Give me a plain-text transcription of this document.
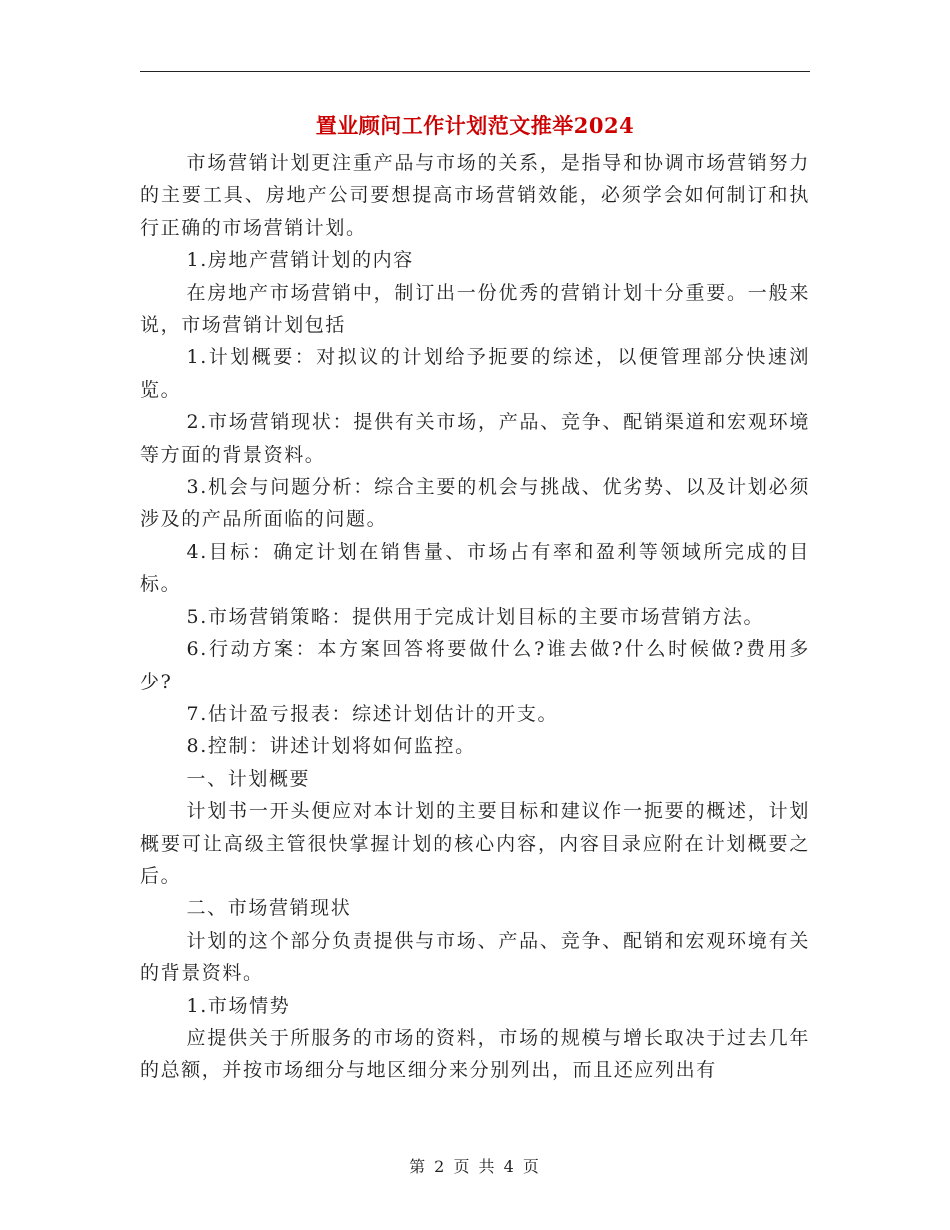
置业顾问工作计划范文推举2024

市场营销计划更注重产品与市场的关系，是指导和协调市场营销努力的主要工具、房地产公司要想提高市场营销效能，必须学会如何制订和执行正确的市场营销计划。

1.房地产营销计划的内容

在房地产市场营销中，制订出一份优秀的营销计划十分重要。一般来说，市场营销计划包括

1.计划概要：对拟议的计划给予扼要的综述，以便管理部分快速浏览。

2.市场营销现状：提供有关市场，产品、竞争、配销渠道和宏观环境等方面的背景资料。

3.机会与问题分析：综合主要的机会与挑战、优劣势、以及计划必须涉及的产品所面临的问题。

4.目标：确定计划在销售量、市场占有率和盈利等领域所完成的目标。

5.市场营销策略：提供用于完成计划目标的主要市场营销方法。

6.行动方案：本方案回答将要做什么?谁去做?什么时候做?费用多少?

7.估计盈亏报表：综述计划估计的开支。

8.控制：讲述计划将如何监控。

一、计划概要

计划书一开头便应对本计划的主要目标和建议作一扼要的概述，计划概要可让高级主管很快掌握计划的核心内容，内容目录应附在计划概要之后。

二、市场营销现状

计划的这个部分负责提供与市场、产品、竞争、配销和宏观环境有关的背景资料。

1.市场情势

应提供关于所服务的市场的资料，市场的规模与增长取决于过去几年的总额，并按市场细分与地区细分来分别列出，而且还应列出有

第 2 页 共 4 页
